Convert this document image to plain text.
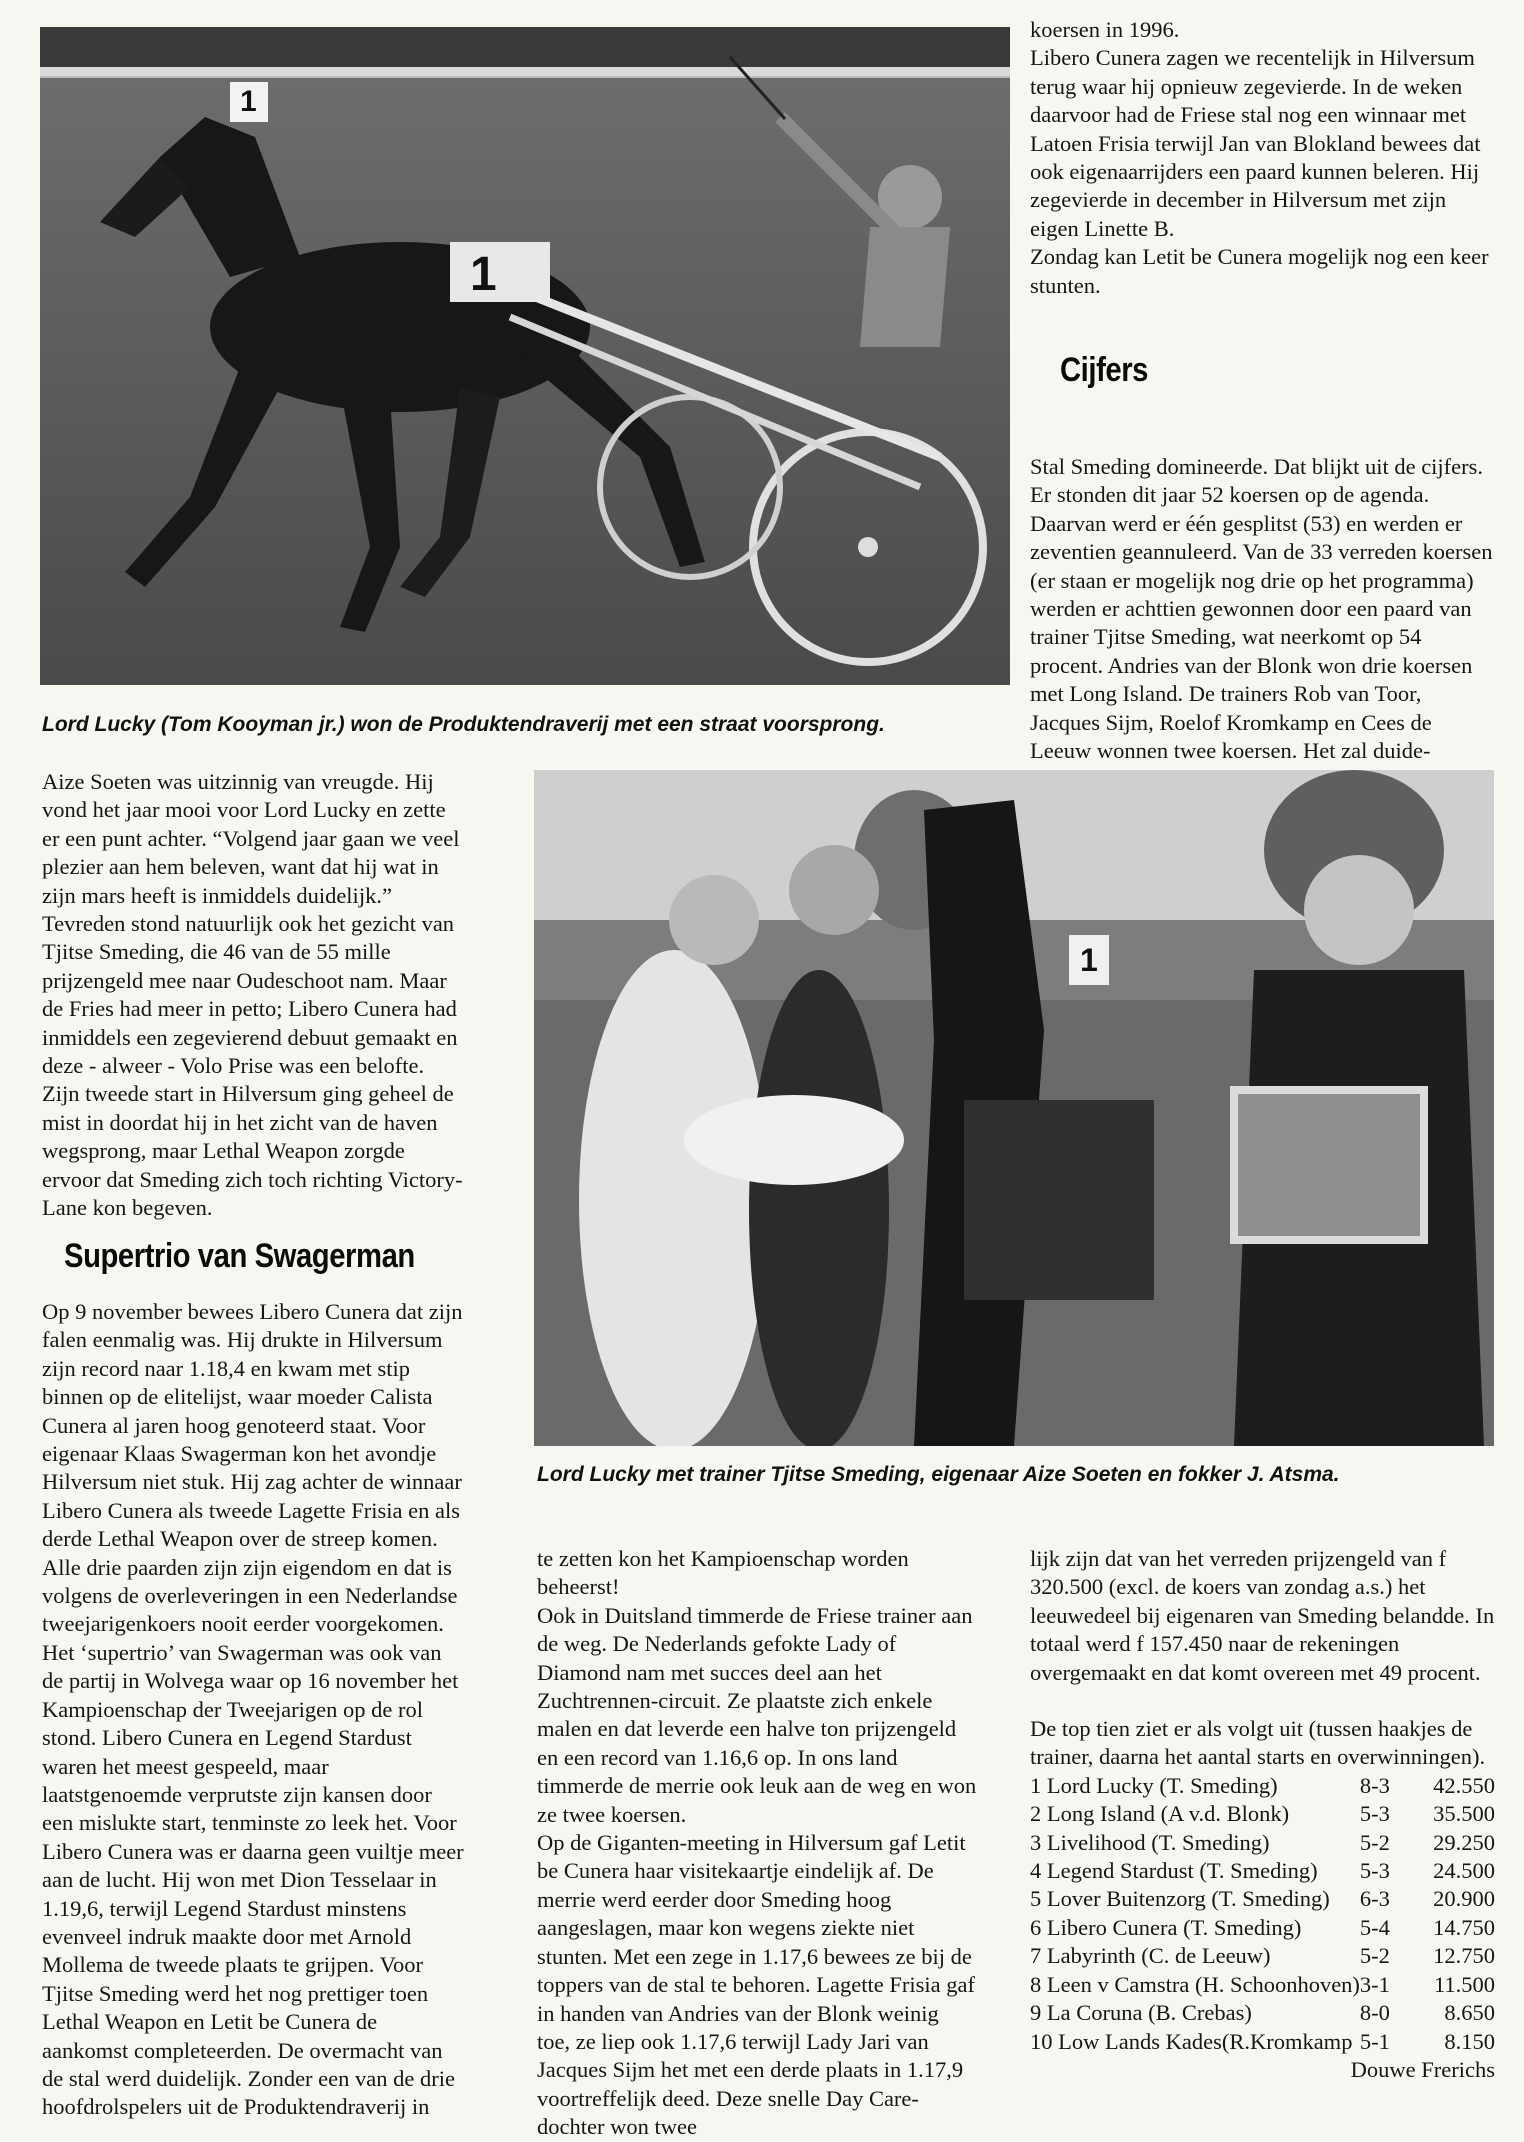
1
1
Lord Lucky (Tom Kooyman jr.) won de Produktendraverij met een straat voorsprong.

koersen in 1996.

Libero Cunera zagen we recentelijk in Hilversum terug waar hij opnieuw zegevierde. In de weken daarvoor had de Friese stal nog een winnaar met Latoen Frisia terwijl Jan van Blokland bewees dat ook eigenaarrijders een paard kunnen beleren. Hij zegevierde in december in Hilversum met zijn eigen Linette B.

Zondag kan Letit be Cunera mogelijk nog een keer stunten.

Cijfers

Stal Smeding domineerde. Dat blijkt uit de cijfers. Er stonden dit jaar 52 koersen op de agenda. Daarvan werd er één gesplitst (53) en werden er zeventien geannuleerd. Van de 33 verreden koersen (er staan er mogelijk nog drie op het programma) werden er achttien gewonnen door een paard van trainer Tjitse Smeding, wat neerkomt op 54 procent. Andries van der Blonk won drie koersen met Long Island. De trainers Rob van Toor, Jacques Sijm, Roelof Kromkamp en Cees de Leeuw wonnen twee koersen. Het zal duide-

Aize Soeten was uitzinnig van vreugde. Hij vond het jaar mooi voor Lord Lucky en zette er een punt achter. “Volgend jaar gaan we veel plezier aan hem beleven, want dat hij wat in zijn mars heeft is inmiddels duidelijk.” Tevreden stond natuurlijk ook het gezicht van Tjitse Smeding, die 46 van de 55 mille prijzengeld mee naar Oudeschoot nam. Maar de Fries had meer in petto; Libero Cunera had inmiddels een zegevierend debuut gemaakt en deze - alweer - Volo Prise was een belofte. Zijn tweede start in Hilversum ging geheel de mist in doordat hij in het zicht van de haven wegsprong, maar Lethal Weapon zorgde ervoor dat Smeding zich toch richting Victory-Lane kon begeven.

Supertrio van Swagerman

Op 9 november bewees Libero Cunera dat zijn falen eenmalig was. Hij drukte in Hilversum zijn record naar 1.18,4 en kwam met stip binnen op de elitelijst, waar moeder Calista Cunera al jaren hoog genoteerd staat. Voor eigenaar Klaas Swagerman kon het avondje Hilversum niet stuk. Hij zag achter de winnaar Libero Cunera als tweede Lagette Frisia en als derde Lethal Weapon over de streep komen. Alle drie paarden zijn zijn eigendom en dat is volgens de overleveringen in een Nederlandse tweejarigenkoers nooit eerder voorgekomen.

Het ‘supertrio’ van Swagerman was ook van de partij in Wolvega waar op 16 november het Kampioenschap der Tweejarigen op de rol stond. Libero Cunera en Legend Stardust waren het meest gespeeld, maar laatstgenoemde verprutste zijn kansen door een mislukte start, tenminste zo leek het. Voor Libero Cunera was er daarna geen vuiltje meer aan de lucht. Hij won met Dion Tesselaar in 1.19,6, terwijl Legend Stardust minstens evenveel indruk maakte door met Arnold Mollema de tweede plaats te grijpen. Voor Tjitse Smeding werd het nog prettiger toen Lethal Weapon en Letit be Cunera de aankomst completeerden. De overmacht van de stal werd duidelijk. Zonder een van de drie hoofdrolspelers uit de Produktendraverij in

1
Lord Lucky met trainer Tjitse Smeding, eigenaar Aize Soeten en fokker J. Atsma.

te zetten kon het Kampioenschap worden beheerst!

Ook in Duitsland timmerde de Friese trainer aan de weg. De Nederlands gefokte Lady of Diamond nam met succes deel aan het Zuchtrennen-circuit. Ze plaatste zich enkele malen en dat leverde een halve ton prijzengeld en een record van 1.16,6 op. In ons land timmerde de merrie ook leuk aan de weg en won ze twee koersen.

Op de Giganten-meeting in Hilversum gaf Letit be Cunera haar visitekaartje eindelijk af. De merrie werd eerder door Smeding hoog aangeslagen, maar kon wegens ziekte niet stunten. Met een zege in 1.17,6 bewees ze bij de toppers van de stal te behoren. Lagette Frisia gaf in handen van Andries van der Blonk weinig toe, ze liep ook 1.17,6 terwijl Lady Jari van Jacques Sijm het met een derde plaats in 1.17,9 voortreffelijk deed. Deze snelle Day Care-dochter won twee

lijk zijn dat van het verreden prijzengeld van f 320.500 (excl. de koers van zondag a.s.) het leeuwedeel bij eigenaren van Smeding belandde. In totaal werd f 157.450 naar de rekeningen overgemaakt en dat komt overeen met 49 procent.

De top tien ziet er als volgt uit (tussen haakjes de trainer, daarna het aantal starts en overwinningen).

1 Lord Lucky (T. Smeding)	8-3	42.550
2 Long Island (A v.d. Blonk)	5-3	35.500
3 Livelihood (T. Smeding)	5-2	29.250
4 Legend Stardust (T. Smeding)	5-3	24.500
5 Lover Buitenzorg (T. Smeding)	6-3	20.900
6 Libero Cunera (T. Smeding)	5-4	14.750
7 Labyrinth (C. de Leeuw)	5-2	12.750
8 Leen v Camstra (H. Schoonhoven)	3-1	11.500
9 La Coruna (B. Crebas)	8-0	8.650
10 Low Lands Kades(R.Kromkamp	5-1	8.150

Douwe Frerichs
